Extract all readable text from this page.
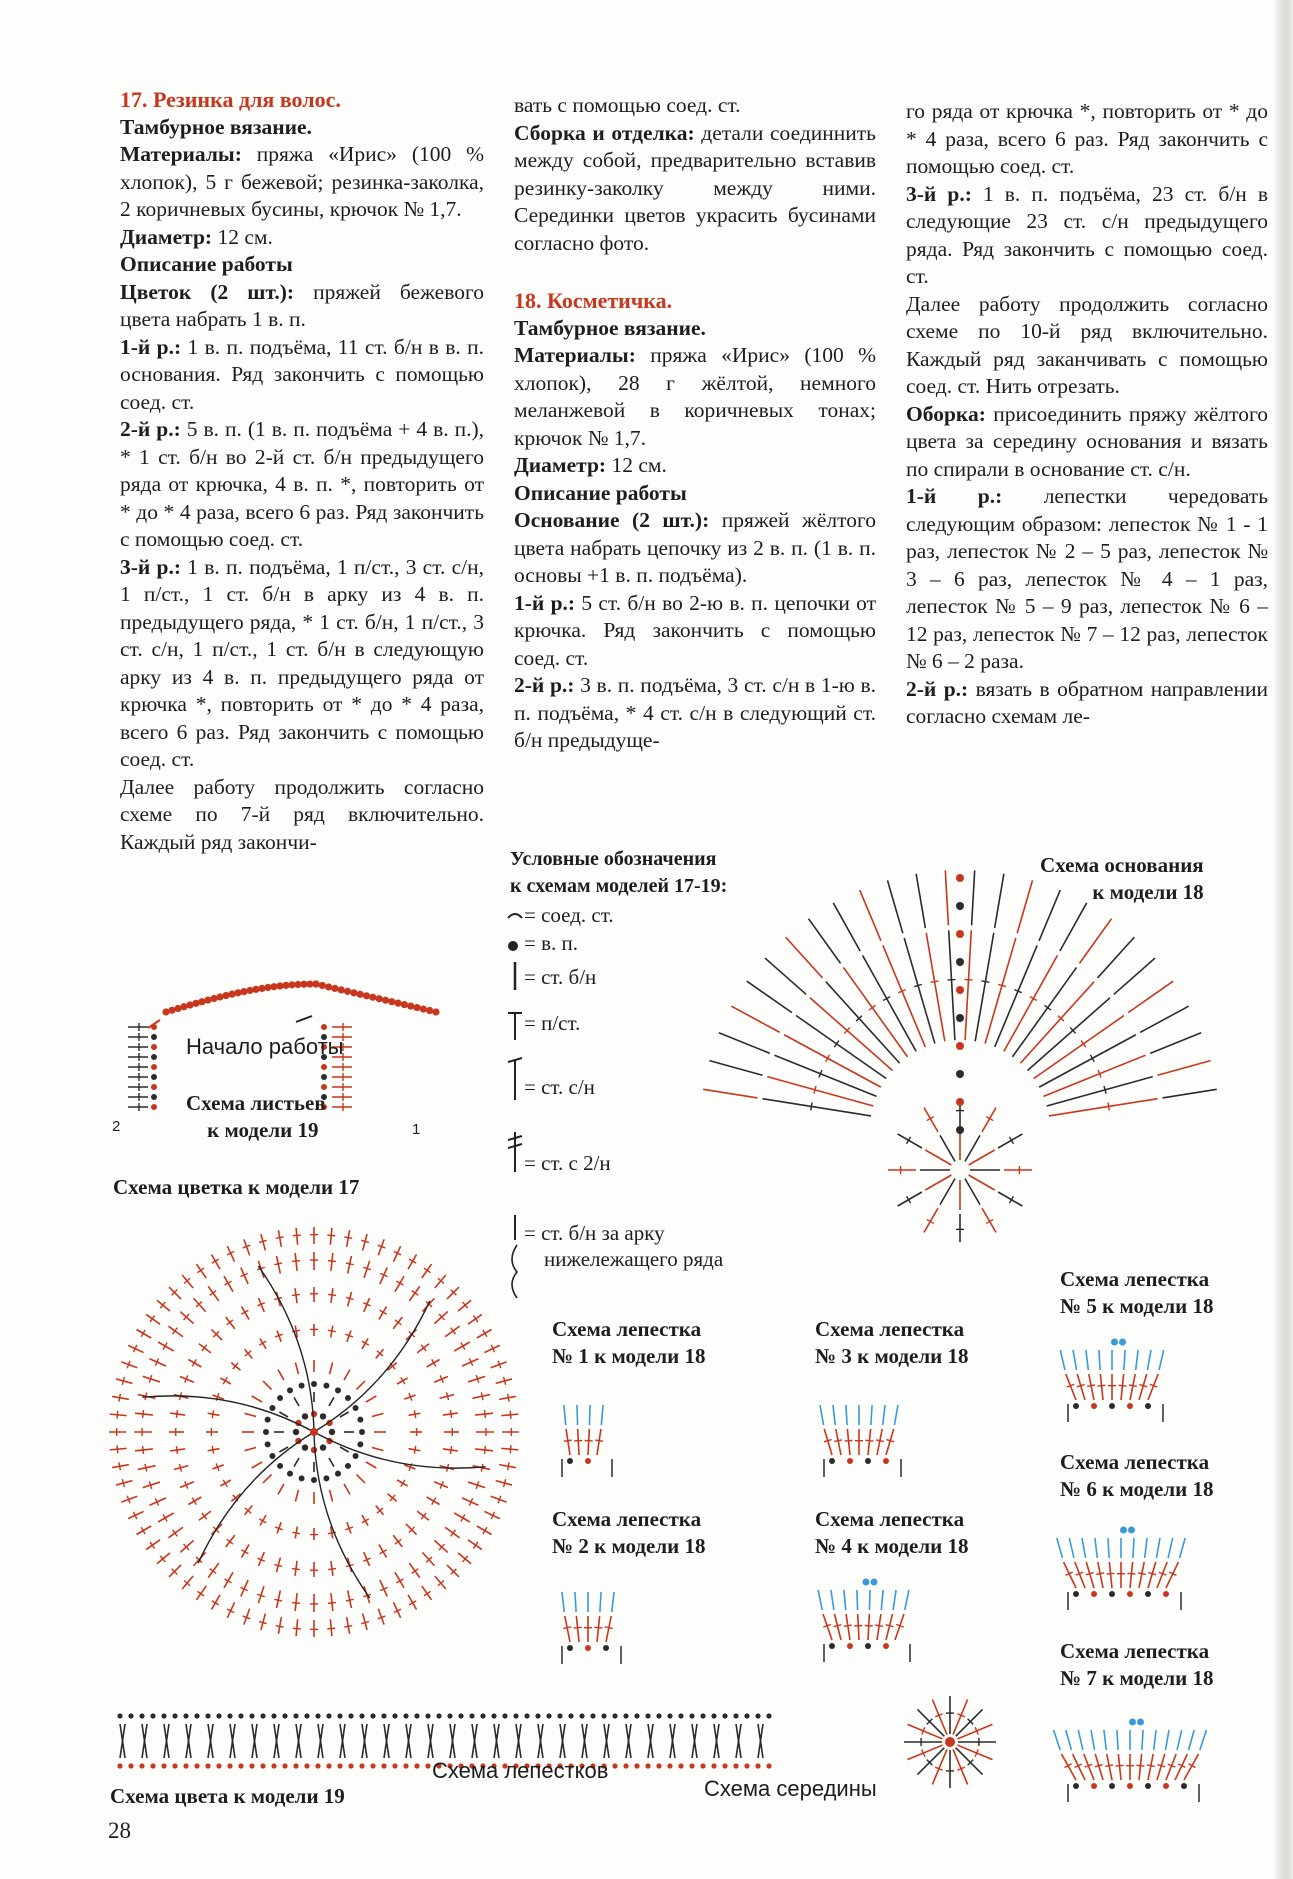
17. Резинка для волос.

Тамбурное вязание.

Материалы: пряжа «Ирис» (100 % хлопок), 5 г бежевой; резинка-заколка, 2 коричневых бусины, крючок № 1,7.

Диаметр: 12 см.

Описание работы

Цветок (2 шт.): пряжей бежевого цвета набрать 1 в. п.

1-й р.: 1 в. п. подъёма, 11 ст. б/н в в. п. основания. Ряд закончить с помощью соед. ст.

2-й р.: 5 в. п. (1 в. п. подъёма + 4 в. п.), * 1 ст. б/н во 2-й ст. б/н предыдущего ряда от крючка, 4 в. п. *, повторить от * до * 4 раза, всего 6 раз. Ряд закончить с помощью соед. ст.

3-й р.: 1 в. п. подъёма, 1 п/ст., 3 ст. с/н, 1 п/ст., 1 ст. б/н в арку из 4 в. п. предыдущего ряда, * 1 ст. б/н, 1 п/ст., 3 ст. с/н, 1 п/ст., 1 ст. б/н в следующую арку из 4 в. п. предыдущего ряда от крючка *, повторить от * до * 4 раза, всего 6 раз. Ряд закончить с помощью соед. ст.

Далее работу продолжить согласно схеме по 7-й ряд включительно. Каждый ряд закончи-

вать с помощью соед. ст.

Сборка и отделка: детали соединнить между собой, предварительно вставив резинку-заколку между ними. Серединки цветов украсить бусинами согласно фото.

18. Косметичка.

Тамбурное вязание.

Материалы: пряжа «Ирис» (100 % хлопок), 28 г жёлтой, немного меланжевой в коричневых тонах; крючок № 1,7.

Диаметр: 12 см.

Описание работы

Основание (2 шт.): пряжей жёлтого цвета набрать цепочку из 2 в. п. (1 в. п. основы +1 в. п. подъёма).

1-й р.: 5 ст. б/н во 2-ю в. п. цепочки от крючка. Ряд закончить с помощью соед. ст.

2-й р.: 3 в. п. подъёма, 3 ст. с/н в 1-ю в. п. подъёма, * 4 ст. с/н в следующий ст. б/н предыдуще-

го ряда от крючка *, повторить от * до * 4 раза, всего 6 раз. Ряд закончить с помощью соед. ст.

3-й р.: 1 в. п. подъёма, 23 ст. б/н в следующие 23 ст. с/н предыдущего ряда. Ряд закончить с помощью соед. ст.

Далее работу продолжить согласно схеме по 10-й ряд включительно. Каждый ряд заканчивать с помощью соед. ст. Нить отрезать.

Оборка: присоединить пряжу жёлтого цвета за середину основания и вязать по спирали в основание ст. с/н.

1-й р.: лепестки чередовать следующим образом: лепесток № 1 - 1 раз, лепесток № 2 – 5 раз, лепесток № 3 – 6 раз, лепесток № 4 – 1 раз, лепесток № 5 – 9 раз, лепесток № 6 – 12 раз, лепесток № 7 – 12 раз, лепесток № 6 – 2 раза.

2-й р.: вязать в обратном направлении согласно схемам ле-

Условные обозначения
к схемам моделей 17-19:
= соед. ст.
= в. п.
= ст. б/н
= п/ст.
= ст. с/н
= ст. с 2/н
= ст. б/н за арку
нижележащего ряда
Начало работы
Схема листьев
к модели 19
2	1
Схема цветка к модели 17
Схема основания
к модели 18
Схема лепестка
№ 1 к модели 18
Схема лепестка
№ 2 к модели 18
Схема лепестка
№ 3 к модели 18
Схема лепестка
№ 4 к модели 18
Схема лепестка
№ 5 к модели 18
Схема лепестка
№ 6 к модели 18
Схема лепестка
№ 7 к модели 18
Схема лепестков
Схема середины
Схема цвета к модели 19
28
